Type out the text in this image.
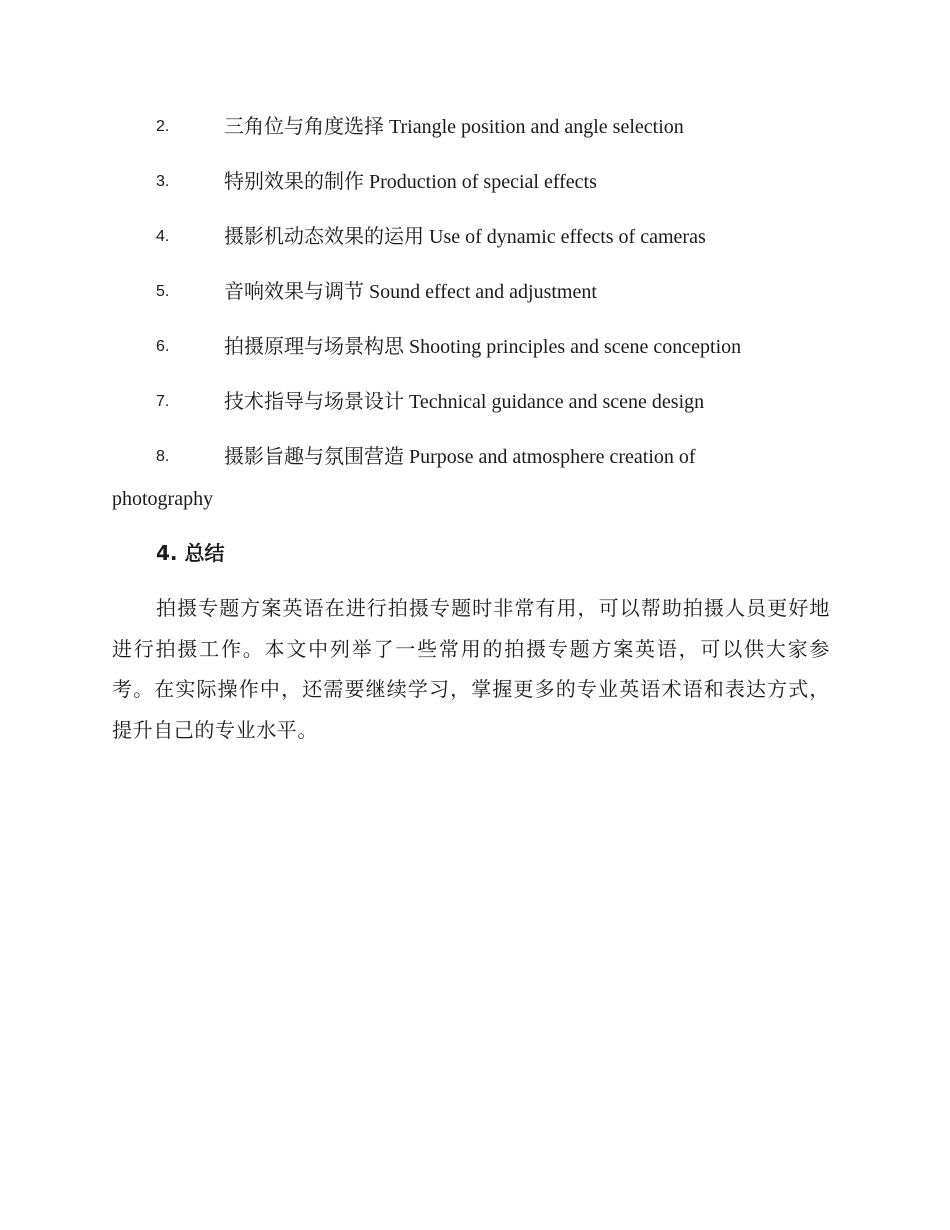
2.	三角位与角度选择 Triangle position and angle selection
3.	特别效果的制作 Production of special effects
4.	摄影机动态效果的运用 Use of dynamic effects of cameras
5.	音响效果与调节 Sound effect and adjustment
6.	拍摄原理与场景构思 Shooting principles and scene conception
7.	技术指导与场景设计 Technical guidance and scene design
8.	摄影旨趣与氛围营造 Purpose and atmosphere creation of photography
4. 总结
拍摄专题方案英语在进行拍摄专题时非常有用，可以帮助拍摄人员更好地进行拍摄工作。本文中列举了一些常用的拍摄专题方案英语，可以供大家参考。在实际操作中，还需要继续学习，掌握更多的专业英语术语和表达方式，提升自己的专业水平。
